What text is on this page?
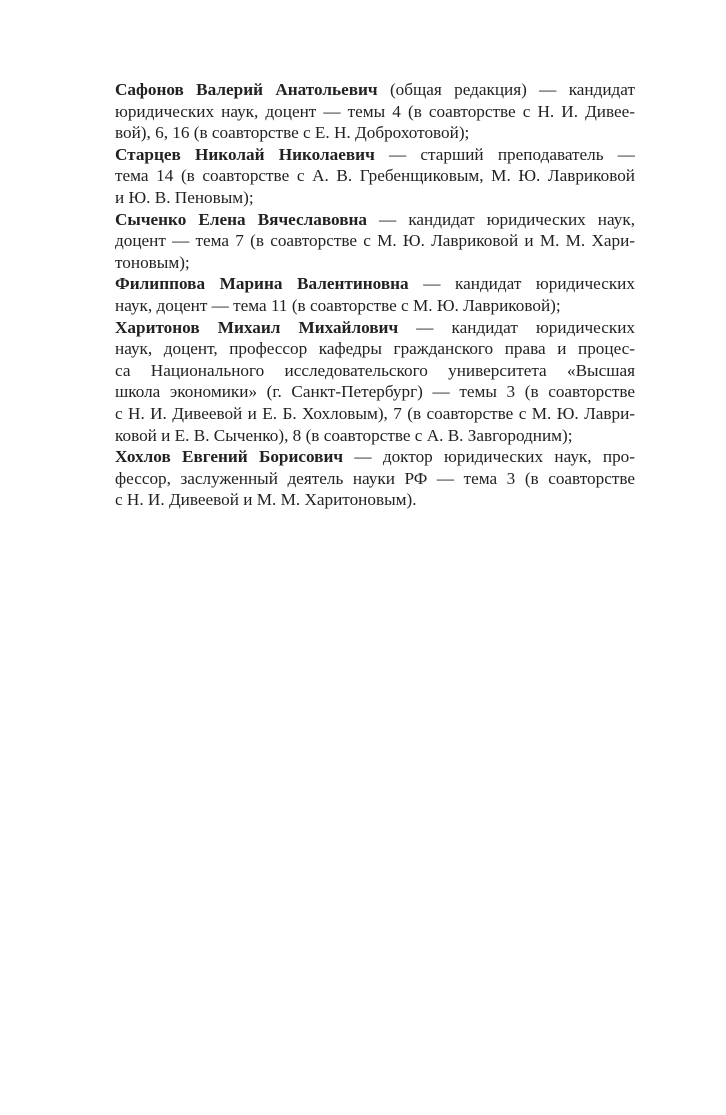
Сафонов Валерий Анатольевич (общая редакция) — кандидат
юридических наук, доцент — темы 4 (в соавторстве с Н. И. Дивее-
вой), 6, 16 (в соавторстве с Е. Н. Доброхотовой);

Старцев Николай Николаевич — старший преподаватель —
тема 14 (в соавторстве с А. В. Гребенщиковым, М. Ю. Лавриковой
и Ю. В. Пеновым);

Сыченко Елена Вячеславовна — кандидат юридических наук,
доцент — тема 7 (в соавторстве с М. Ю. Лавриковой и М. М. Хари-
тоновым);

Филиппова Марина Валентиновна — кандидат юридических
наук, доцент — тема 11 (в соавторстве с М. Ю. Лавриковой);

Харитонов Михаил Михайлович — кандидат юридических
наук, доцент, профессор кафедры гражданского права и процес-
са Национального исследовательского университета «Высшая
школа экономики» (г. Санкт-Петербург) — темы 3 (в соавторстве
с Н. И. Дивеевой и Е. Б. Хохловым), 7 (в соавторстве с М. Ю. Лаври-
ковой и Е. В. Сыченко), 8 (в соавторстве с А. В. Завгородним);

Хохлов Евгений Борисович — доктор юридических наук, про-
фессор, заслуженный деятель науки РФ — тема 3 (в соавторстве
с Н. И. Дивеевой и М. М. Харитоновым).
